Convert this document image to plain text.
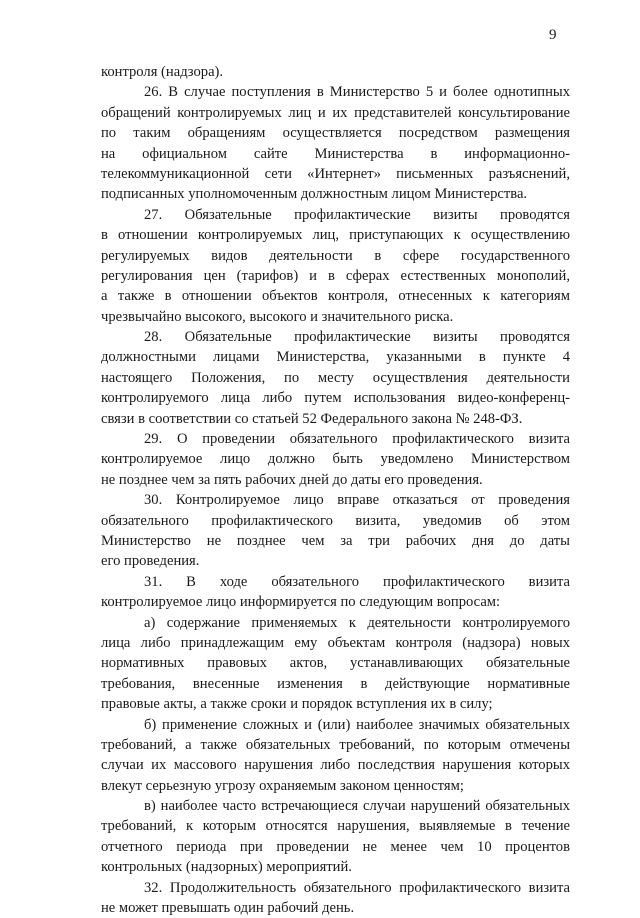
9
контроля (надзора).
26. В случае поступления в Министерство 5 и более однотипных
обращений контролируемых лиц и их представителей консультирование
по таким обращениям осуществляется посредством размещения
на официальном сайте Министерства в информационно-
телекоммуникационной сети «Интернет» письменных разъяснений,
подписанных уполномоченным должностным лицом Министерства.
27. Обязательные профилактические визиты проводятся
в отношении контролируемых лиц, приступающих к осуществлению
регулируемых видов деятельности в сфере государственного
регулирования цен (тарифов) и в сферах естественных монополий,
а также в отношении объектов контроля, отнесенных к категориям
чрезвычайно высокого, высокого и значительного риска.
28. Обязательные профилактические визиты проводятся
должностными лицами Министерства, указанными в пункте 4
настоящего Положения, по месту осуществления деятельности
контролируемого лица либо путем использования видео-конференц-
связи в соответствии со статьей 52 Федерального закона № 248-ФЗ.
29. О проведении обязательного профилактического визита
контролируемое лицо должно быть уведомлено Министерством
не позднее чем за пять рабочих дней до даты его проведения.
30. Контролируемое лицо вправе отказаться от проведения
обязательного профилактического визита, уведомив об этом
Министерство не позднее чем за три рабочих дня до даты
его проведения.
31. В ходе обязательного профилактического визита
контролируемое лицо информируется по следующим вопросам:
а) содержание применяемых к деятельности контролируемого
лица либо принадлежащим ему объектам контроля (надзора) новых
нормативных правовых актов, устанавливающих обязательные
требования, внесенные изменения в действующие нормативные
правовые акты, а также сроки и порядок вступления их в силу;
б) применение сложных и (или) наиболее значимых обязательных
требований, а также обязательных требований, по которым отмечены
случаи их массового нарушения либо последствия нарушения которых
влекут серьезную угрозу охраняемым законом ценностям;
в) наиболее часто встречающиеся случаи нарушений обязательных
требований, к которым относятся нарушения, выявляемые в течение
отчетного периода при проведении не менее чем 10 процентов
контрольных (надзорных) мероприятий.
32. Продолжительность обязательного профилактического визита
не может превышать один рабочий день.
